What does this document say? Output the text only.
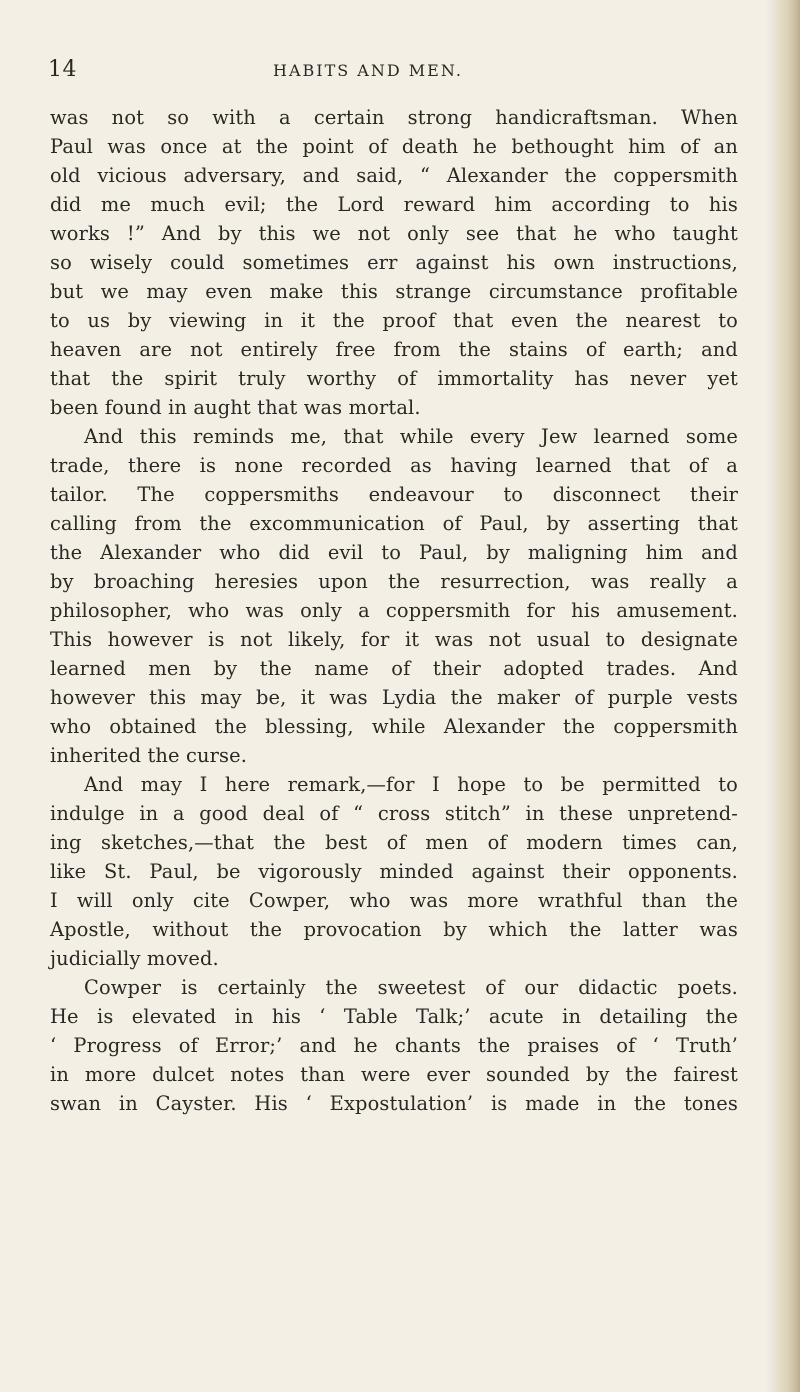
14	HABITS AND MEN.
was not so with a certain strong handicraftsman. When
Paul was once at the point of death he bethought him of an
old vicious adversary, and said, “ Alexander the coppersmith
did me much evil; the Lord reward him according to his
works !” And by this we not only see that he who taught
so wisely could sometimes err against his own instructions,
but we may even make this strange circumstance profitable
to us by viewing in it the proof that even the nearest to
heaven are not entirely free from the stains of earth; and
that the spirit truly worthy of immortality has never yet
been found in aught that was mortal.
And this reminds me, that while every Jew learned some
trade, there is none recorded as having learned that of a
tailor. The coppersmiths endeavour to disconnect their
calling from the excommunication of Paul, by asserting that
the Alexander who did evil to Paul, by maligning him and
by broaching heresies upon the resurrection, was really a
philosopher, who was only a coppersmith for his amusement.
This however is not likely, for it was not usual to designate
learned men by the name of their adopted trades. And
however this may be, it was Lydia the maker of purple vests
who obtained the blessing, while Alexander the coppersmith
inherited the curse.
And may I here remark,—for I hope to be permitted to
indulge in a good deal of “ cross stitch” in these unpretend-
ing sketches,—that the best of men of modern times can,
like St. Paul, be vigorously minded against their opponents.
I will only cite Cowper, who was more wrathful than the
Apostle, without the provocation by which the latter was
judicially moved.
Cowper is certainly the sweetest of our didactic poets.
He is elevated in his ‘ Table Talk;’ acute in detailing the
‘ Progress of Error;’ and he chants the praises of ‘ Truth’
in more dulcet notes than were ever sounded by the fairest
swan in Cayster. His ‘ Expostulation’ is made in the tones
